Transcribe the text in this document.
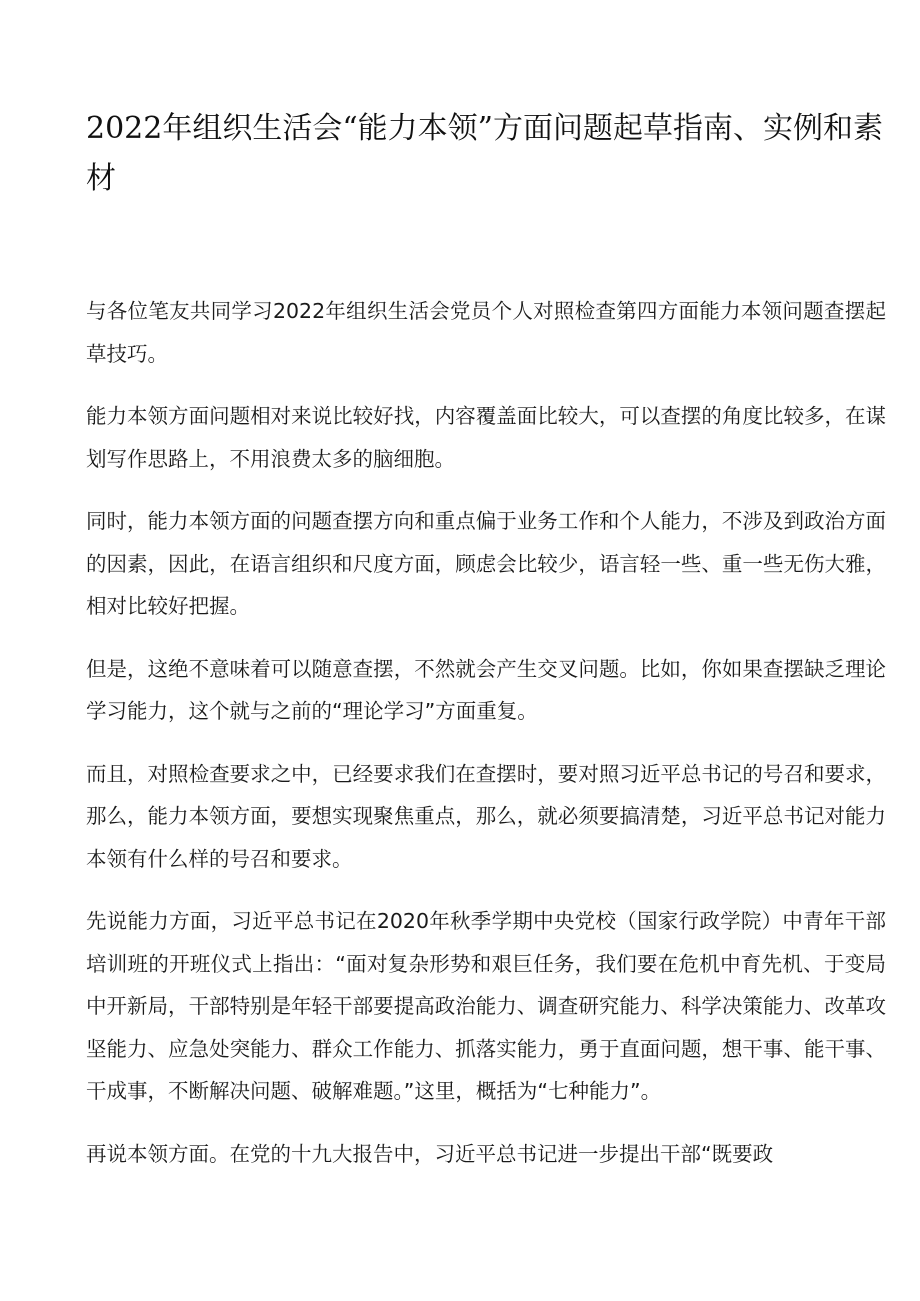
2022年组织生活会“能力本领”方面问题起草指南、实例和素材

与各位笔友共同学习2022年组织生活会党员个人对照检查第四方面能力本领问题查摆起草技巧。

能力本领方面问题相对来说比较好找，内容覆盖面比较大，可以查摆的角度比较多，在谋划写作思路上，不用浪费太多的脑细胞。

同时，能力本领方面的问题查摆方向和重点偏于业务工作和个人能力，不涉及到政治方面的因素，因此，在语言组织和尺度方面，顾虑会比较少，语言轻一些、重一些无伤大雅，相对比较好把握。

但是，这绝不意味着可以随意查摆，不然就会产生交叉问题。比如，你如果查摆缺乏理论学习能力，这个就与之前的“理论学习”方面重复。

而且，对照检查要求之中，已经要求我们在查摆时，要对照习近平总书记的号召和要求，那么，能力本领方面，要想实现聚焦重点，那么，就必须要搞清楚，习近平总书记对能力本领有什么样的号召和要求。

先说能力方面，习近平总书记在2020年秋季学期中央党校（国家行政学院）中青年干部培训班的开班仪式上指出：“面对复杂形势和艰巨任务，我们要在危机中育先机、于变局中开新局，干部特别是年轻干部要提高政治能力、调查研究能力、科学决策能力、改革攻坚能力、应急处突能力、群众工作能力、抓落实能力，勇于直面问题，想干事、能干事、干成事，不断解决问题、破解难题。”这里，概括为“七种能力”。

再说本领方面。在党的十九大报告中，习近平总书记进一步提出干部“既要政
